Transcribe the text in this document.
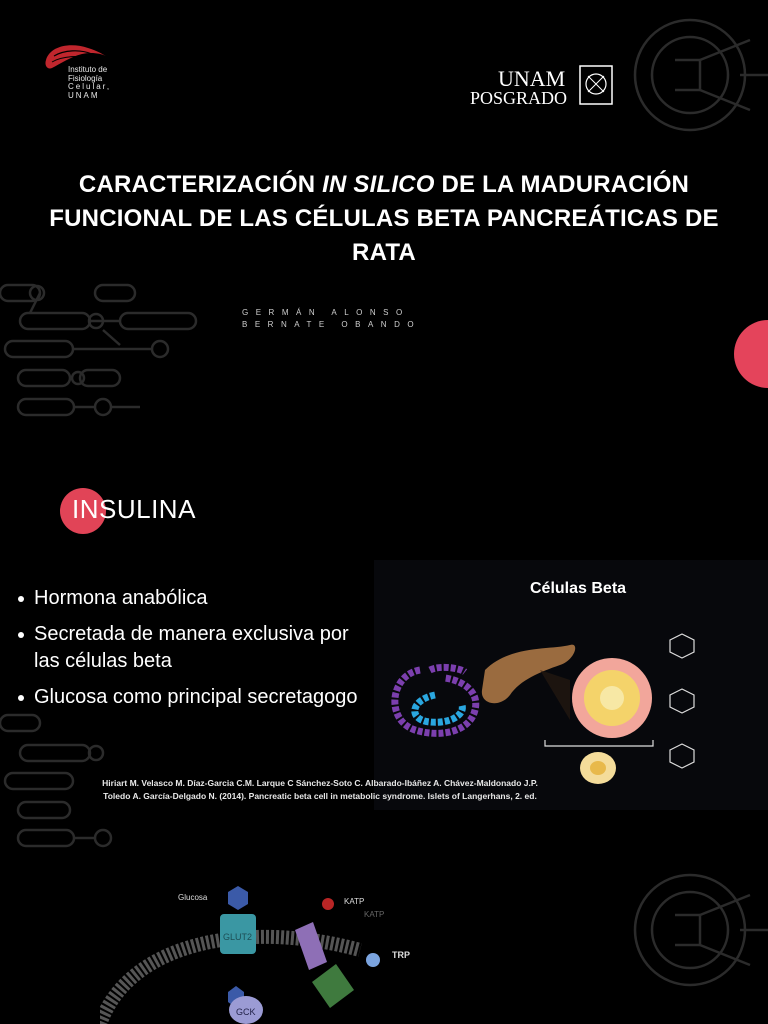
Instituto de
Fisiología
Celular,
UNAM
UNAM
POSGRADO
CARACTERIZACIÓN IN SILICO DE LA MADURACIÓN FUNCIONAL DE LAS CÉLULAS BETA PANCREÁTICAS DE RATA
GERMÁN ALONSO BERNATE OBANDO
INSULINA
Hormona anabólica
Secretada de manera exclusiva por las células beta
Glucosa como principal secretagogo
Células Beta
Hiriart M. Velasco M. Díaz-Garcia C.M. Larque C Sánchez-Soto C. Albarado-Ibáñez A. Chávez-Maldonado J.P. Toledo A. García-Delgado N. (2014). Pancreatic beta cell in metabolic syndrome. Islets of Langerhans, 2. ed.
Glucosa
GLUT2
KATP
KATP
TRP
GCK
